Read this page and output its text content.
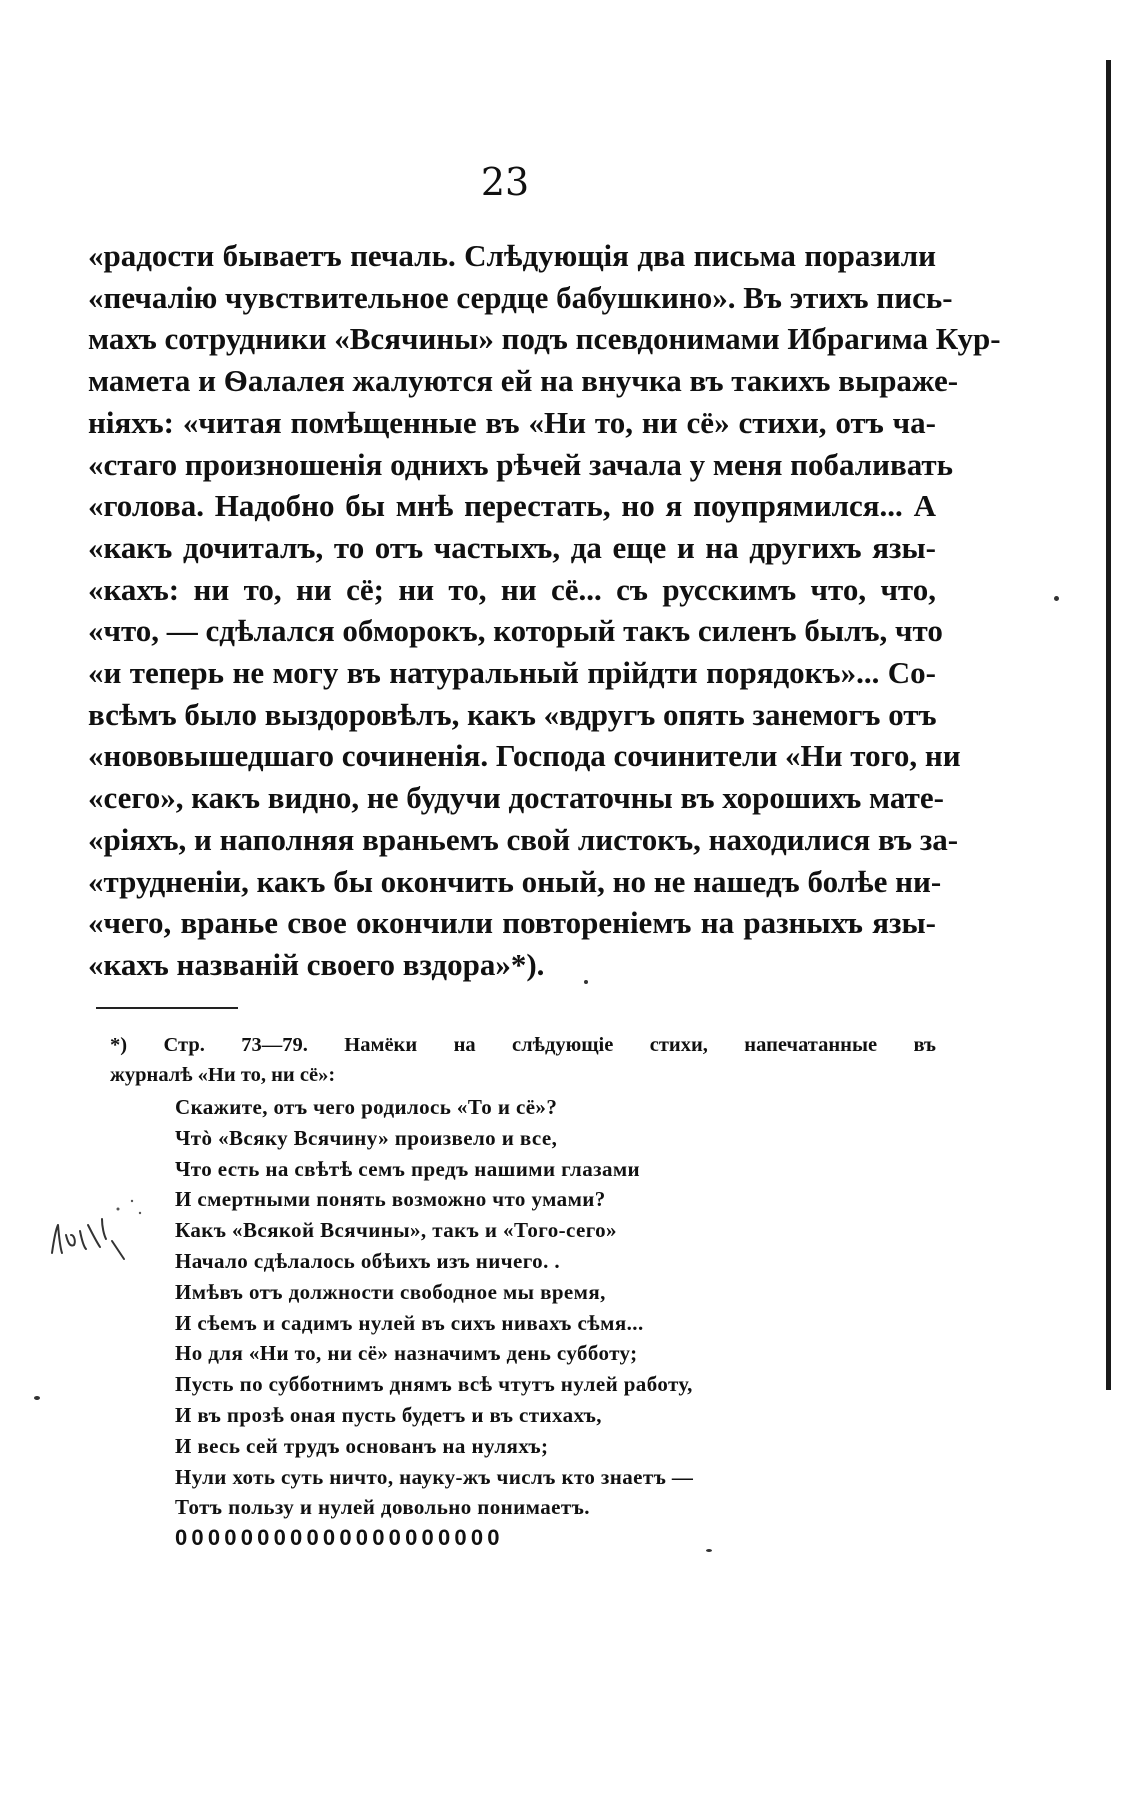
23
«радости бываетъ печаль. Слѣдующія два письма поразили
«печалію чувствительное сердце бабушкино». Въ этихъ пись-
махъ сотрудники «Всячины» подъ псевдонимами Ибрагима Кур-
мамета и Ѳалалея жалуются ей на внучка въ такихъ выраже-
ніяхъ: «читая помѣщенные въ «Ни то, ни сё» стихи, отъ ча-
«стаго произношенія однихъ рѣчей зачала у меня побаливать
«голова. Надобно бы мнѣ перестать, но я поупрямился... А
«какъ дочиталъ, то отъ частыхъ, да еще и на другихъ язы-
«кахъ: ни то, ни сё; ни то, ни сё... съ русскимъ что, что,
«что, — сдѣлался обморокъ, который такъ силенъ былъ, что
«и теперь не могу въ натуральный прійдти порядокъ»... Со-
всѣмъ было выздоровѣлъ, какъ «вдругъ опять занемогъ отъ
«нововышедшаго сочиненія. Господа сочинители «Ни того, ни
«сего», какъ видно, не будучи достаточны въ хорошихъ мате-
«ріяхъ, и наполняя враньемъ свой листокъ, находилися въ за-
«трудненіи, какъ бы окончить оный, но не нашедъ болѣе ни-
«чего, вранье свое окончили повтореніемъ на разныхъ язы-
«кахъ названій своего вздора»*).
*) Стр. 73—79. Намёки на слѣдующіе стихи, напечатанные въ
журналѣ «Ни то, ни сё»:
Скажите, отъ чего родилось «То и сё»?
Чтò «Всяку Всячину» произвело и все,
Что есть на свѣтѣ семъ предъ нашими глазами
И смертными понять возможно что умами?
Какъ «Всякой Всячины», такъ и «Того-сего»
Начало сдѣлалось обѣихъ изъ ничего. .
Имѣвъ отъ должности свободное мы время,
И сѣемъ и садимъ нулей въ сихъ нивахъ сѣмя...
Но для «Ни то, ни сё» назначимъ день субботу;
Пусть по субботнимъ днямъ всѣ чтутъ нулей работу,
И въ прозѣ оная пусть будетъ и въ стихахъ,
И весь сей трудъ основанъ на нуляхъ;
Нули хоть суть ничто, науку-жъ числъ кто знаетъ —
Тотъ пользу и нулей довольно понимаетъ.
00000000000000000000
